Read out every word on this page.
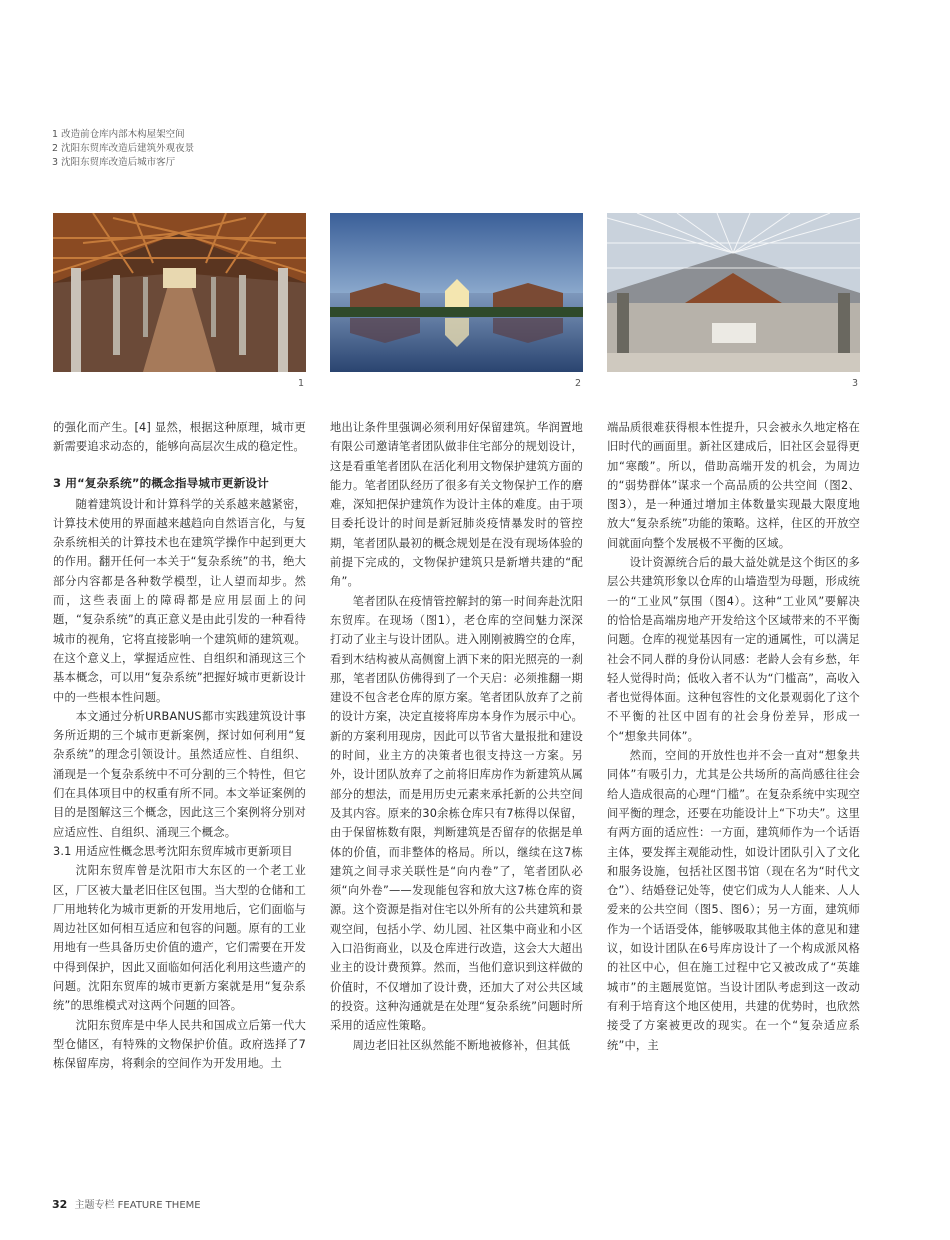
1 改造前仓库内部木构屋架空间
2 沈阳东贸库改造后建筑外观夜景
3 沈阳东贸库改造后城市客厅
1	2	3

的强化而产生。[4] 显然，根据这种原理，城市更新需要追求动态的，能够向高层次生成的稳定性。

3 用“复杂系统”的概念指导城市更新设计

随着建筑设计和计算科学的关系越来越紧密，计算技术使用的界面越来越趋向自然语言化，与复杂系统相关的计算技术也在建筑学操作中起到更大的作用。翻开任何一本关于“复杂系统”的书，绝大部分内容都是各种数学模型，让人望而却步。然而，这些表面上的障碍都是应用层面上的问题，“复杂系统”的真正意义是由此引发的一种看待城市的视角，它将直接影响一个建筑师的建筑观。在这个意义上，掌握适应性、自组织和涌现这三个基本概念，可以用“复杂系统”把握好城市更新设计中的一些根本性问题。

本文通过分析URBANUS都市实践建筑设计事务所近期的三个城市更新案例，探讨如何利用“复杂系统”的理念引领设计。虽然适应性、自组织、涌现是一个复杂系统中不可分割的三个特性，但它们在具体项目中的权重有所不同。本文举证案例的目的是图解这三个概念，因此这三个案例将分别对应适应性、自组织、涌现三个概念。

3.1 用适应性概念思考沈阳东贸库城市更新项目

沈阳东贸库曾是沈阳市大东区的一个老工业区，厂区被大量老旧住区包围。当大型的仓储和工厂用地转化为城市更新的开发用地后，它们面临与周边社区如何相互适应和包容的问题。原有的工业用地有一些具备历史价值的遗产，它们需要在开发中得到保护，因此又面临如何活化利用这些遗产的问题。沈阳东贸库的城市更新方案就是用“复杂系统”的思维模式对这两个问题的回答。

沈阳东贸库是中华人民共和国成立后第一代大型仓储区，有特殊的文物保护价值。政府选择了7栋保留库房，将剩余的空间作为开发用地。土

地出让条件里强调必须利用好保留建筑。华润置地有限公司邀请笔者团队做非住宅部分的规划设计，这是看重笔者团队在活化利用文物保护建筑方面的能力。笔者团队经历了很多有关文物保护工作的磨难，深知把保护建筑作为设计主体的难度。由于项目委托设计的时间是新冠肺炎疫情暴发时的管控期，笔者团队最初的概念规划是在没有现场体验的前提下完成的，文物保护建筑只是新增共建的“配角”。

笔者团队在疫情管控解封的第一时间奔赴沈阳东贸库。在现场（图1），老仓库的空间魅力深深打动了业主与设计团队。进入刚刚被腾空的仓库，看到木结构被从高侧窗上洒下来的阳光照亮的一刹那，笔者团队仿佛得到了一个天启：必须推翻一期建设不包含老仓库的原方案。笔者团队放弃了之前的设计方案，决定直接将库房本身作为展示中心。新的方案利用现房，因此可以节省大量报批和建设的时间，业主方的决策者也很支持这一方案。另外，设计团队放弃了之前将旧库房作为新建筑从属部分的想法，而是用历史元素来承托新的公共空间及其内容。原来的30余栋仓库只有7栋得以保留，由于保留栋数有限，判断建筑是否留存的依据是单体的价值，而非整体的格局。所以，继续在这7栋建筑之间寻求关联性是“向内卷”了，笔者团队必须“向外卷”——发现能包容和放大这7栋仓库的资源。这个资源是指对住宅以外所有的公共建筑和景观空间，包括小学、幼儿园、社区集中商业和小区入口沿街商业，以及仓库进行改造，这会大大超出业主的设计费预算。然而，当他们意识到这样做的价值时，不仅增加了设计费，还加大了对公共区域的投资。这种沟通就是在处理“复杂系统”问题时所采用的适应性策略。

周边老旧社区纵然能不断地被修补，但其低

端品质很难获得根本性提升，只会被永久地定格在旧时代的画面里。新社区建成后，旧社区会显得更加“寒酸”。所以，借助高端开发的机会，为周边的“弱势群体”谋求一个高品质的公共空间（图2、图3），是一种通过增加主体数量实现最大限度地放大“复杂系统”功能的策略。这样，住区的开放空间就面向整个发展极不平衡的区域。

设计资源统合后的最大益处就是这个街区的多层公共建筑形象以仓库的山墙造型为母题，形成统一的“工业风”氛围（图4）。这种“工业风”要解决的恰恰是高端房地产开发给这个区域带来的不平衡问题。仓库的视觉基因有一定的通属性，可以满足社会不同人群的身份认同感：老龄人会有乡愁，年轻人觉得时尚；低收入者不认为“门槛高”，高收入者也觉得体面。这种包容性的文化景观弱化了这个不平衡的社区中固有的社会身份差异，形成一个“想象共同体”。

然而，空间的开放性也并不会一直对“想象共同体”有吸引力，尤其是公共场所的高尚感往往会给人造成很高的心理“门槛”。在复杂系统中实现空间平衡的理念，还要在功能设计上“下功夫”。这里有两方面的适应性：一方面，建筑师作为一个话语主体，要发挥主观能动性，如设计团队引入了文化和服务设施，包括社区图书馆（现在名为“时代文仓”）、结婚登记处等，使它们成为人人能来、人人爱来的公共空间（图5、图6）；另一方面，建筑师作为一个话语受体，能够吸取其他主体的意见和建议，如设计团队在6号库房设计了一个构成派风格的社区中心，但在施工过程中它又被改成了“英雄城市”的主题展览馆。当设计团队考虑到这一改动有利于培育这个地区使用，共建的优势时，也欣然接受了方案被更改的现实。在一个“复杂适应系统”中，主

32 主题专栏 FEATURE THEME
